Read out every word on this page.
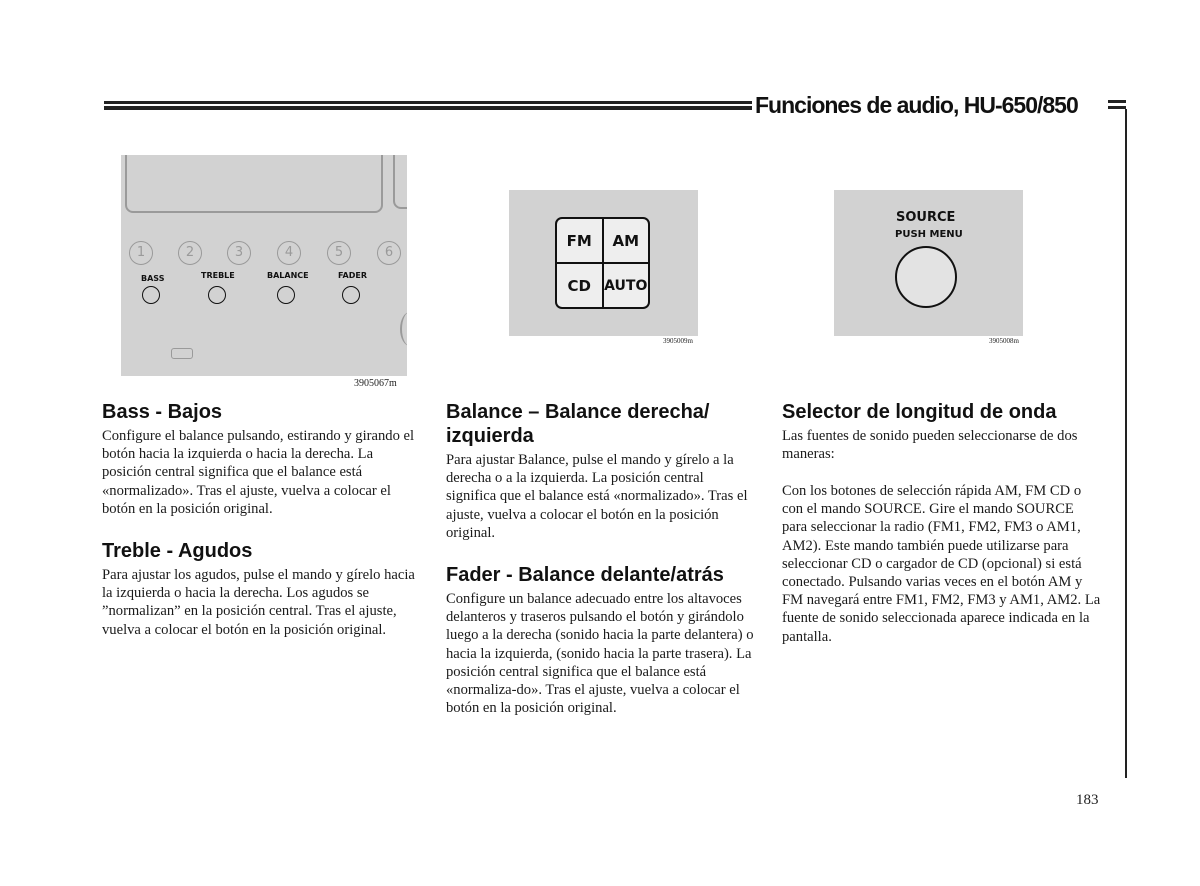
Funciones de audio, HU-650/850
1	2	3	4	5	6
BASS	TREBLE	BALANCE	FADER
3905067m
FM	AM
CD AUTO
3905009m
SOURCE
PUSH MENU
3905008m
Bass - Bajos
Configure el balance pulsando, estirando y girando el botón hacia la izquierda o hacia la derecha. La posición central significa que el balance está «normalizado». Tras el ajuste, vuelva a colocar el botón en la posición original.
Treble - Agudos
Para ajustar los agudos, pulse el mando y gírelo hacia la izquierda o hacia la derecha. Los agudos se ”normalizan” en la posición central. Tras el ajuste, vuelva a colocar el botón en la posición original.
Balance – Balance derecha/ izquierda
Para ajustar Balance, pulse el mando y gírelo a la derecha o a la izquierda. La posición central significa que el balance está «normalizado». Tras el ajuste, vuelva a colocar el botón en la posición original.
Fader - Balance delante/atrás
Configure un balance adecuado entre los altavoces delanteros y traseros pulsando el botón y girándolo luego a la derecha (sonido hacia la parte delantera) o hacia la izquierda, (sonido hacia la parte trasera). La posición central significa que el balance está «normaliza-do». Tras el ajuste, vuelva a colocar el botón en la posición original.
Selector de longitud de onda
Las fuentes de sonido pueden seleccionarse de dos maneras:
Con los botones de selección rápida AM, FM CD o con el mando SOURCE. Gire el mando SOURCE para seleccionar la radio (FM1, FM2, FM3 o AM1, AM2). Este mando también puede utilizarse para seleccionar CD o cargador de CD (opcional) si está conectado. Pulsando varias veces en el botón AM y FM navegará entre FM1, FM2, FM3 y AM1, AM2. La fuente de sonido seleccionada aparece indicada en la pantalla.
183
